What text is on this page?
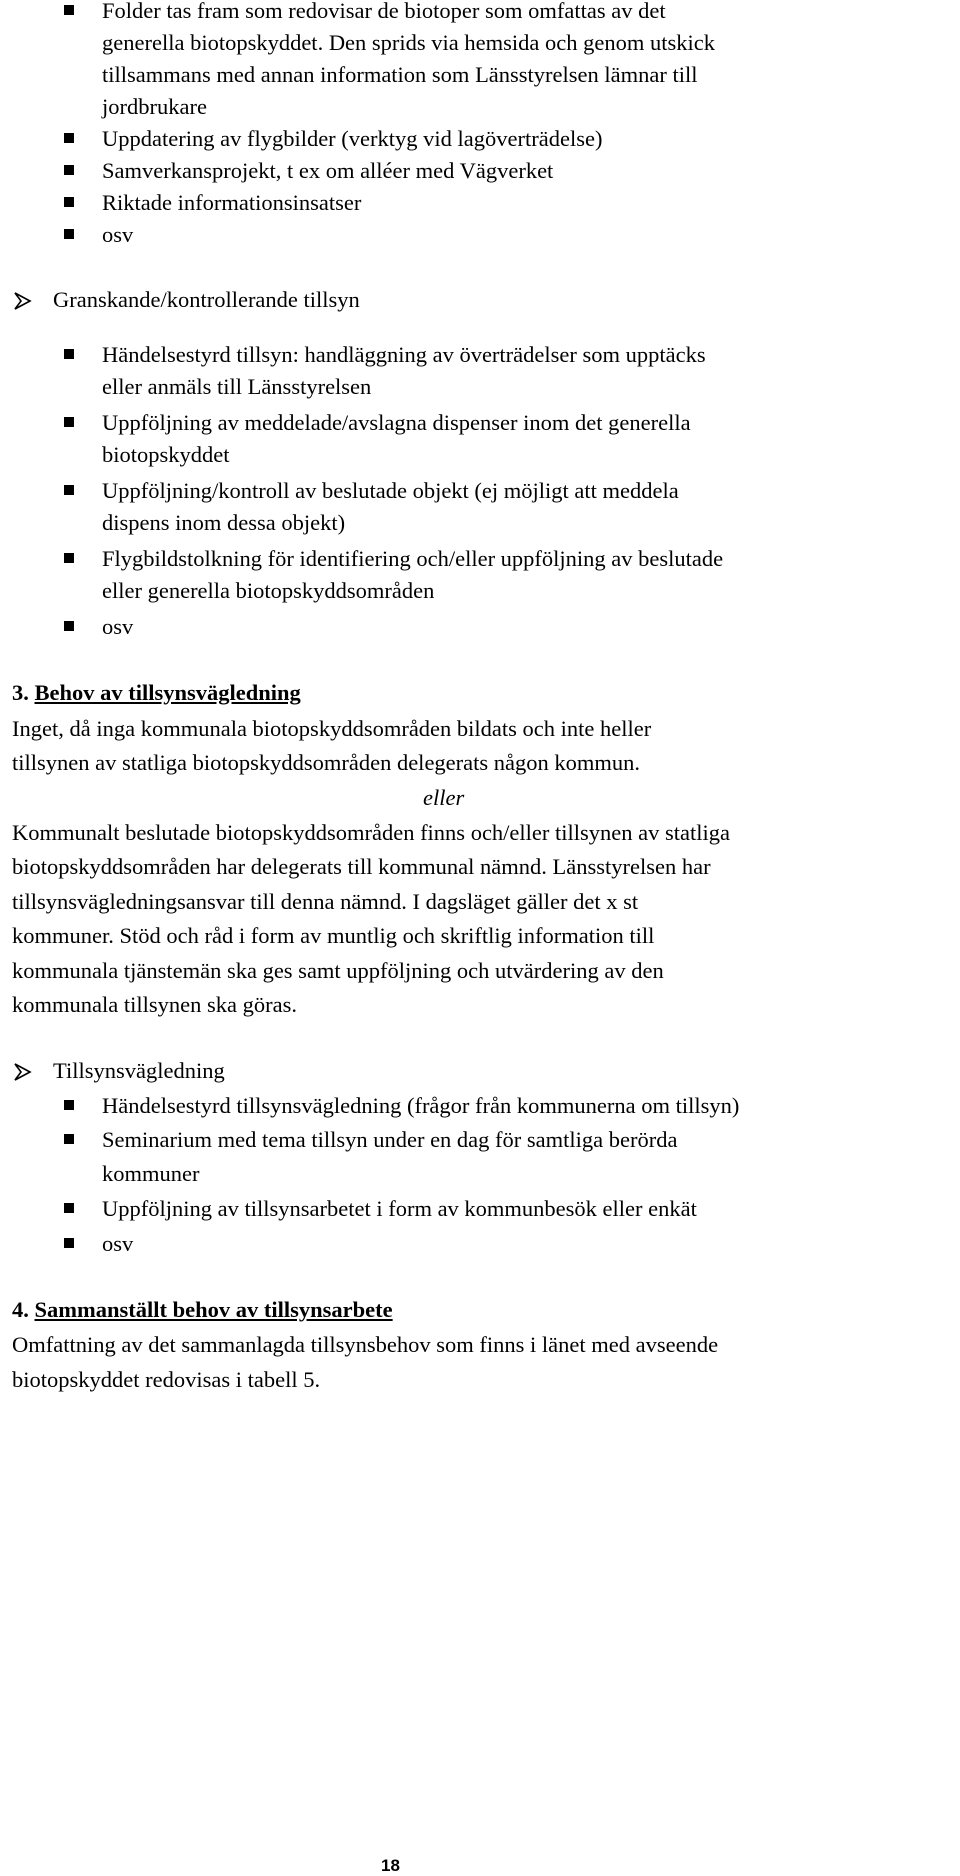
Folder tas fram som redovisar de biotoper som omfattas av det
generella biotopskyddet. Den sprids via hemsida och genom utskick
tillsammans med annan information som Länsstyrelsen lämnar till
jordbrukare
Uppdatering av flygbilder (verktyg vid lagöverträdelse)
Samverkansprojekt, t ex om alléer med Vägverket
Riktade informationsinsatser
osv
Granskande/kontrollerande tillsyn
Händelsestyrd tillsyn: handläggning av överträdelser som upptäcks
eller anmäls till Länsstyrelsen
Uppföljning av meddelade/avslagna dispenser inom det generella
biotopskyddet
Uppföljning/kontroll av beslutade objekt (ej möjligt att meddela
dispens inom dessa objekt)
Flygbildstolkning för identifiering och/eller uppföljning av beslutade
eller generella biotopskyddsområden
osv
3. Behov av tillsynsvägledning
Inget, då inga kommunala biotopskyddsområden bildats och inte heller
tillsynen av statliga biotopskyddsområden delegerats någon kommun.
eller
Kommunalt beslutade biotopskyddsområden finns och/eller tillsynen av statliga
biotopskyddsområden har delegerats till kommunal nämnd. Länsstyrelsen har
tillsynsvägledningsansvar till denna nämnd. I dagsläget gäller det x st
kommuner. Stöd och råd i form av muntlig och skriftlig information till
kommunala tjänstemän ska ges samt uppföljning och utvärdering av den
kommunala tillsynen ska göras.
Tillsynsvägledning
Händelsestyrd tillsynsvägledning (frågor från kommunerna om tillsyn)
Seminarium med tema tillsyn under en dag för samtliga berörda
kommuner
Uppföljning av tillsynsarbetet i form av kommunbesök eller enkät
osv
4. Sammanställt behov av tillsynsarbete
Omfattning av det sammanlagda tillsynsbehov som finns i länet med avseende
biotopskyddet redovisas i tabell 5.
18
